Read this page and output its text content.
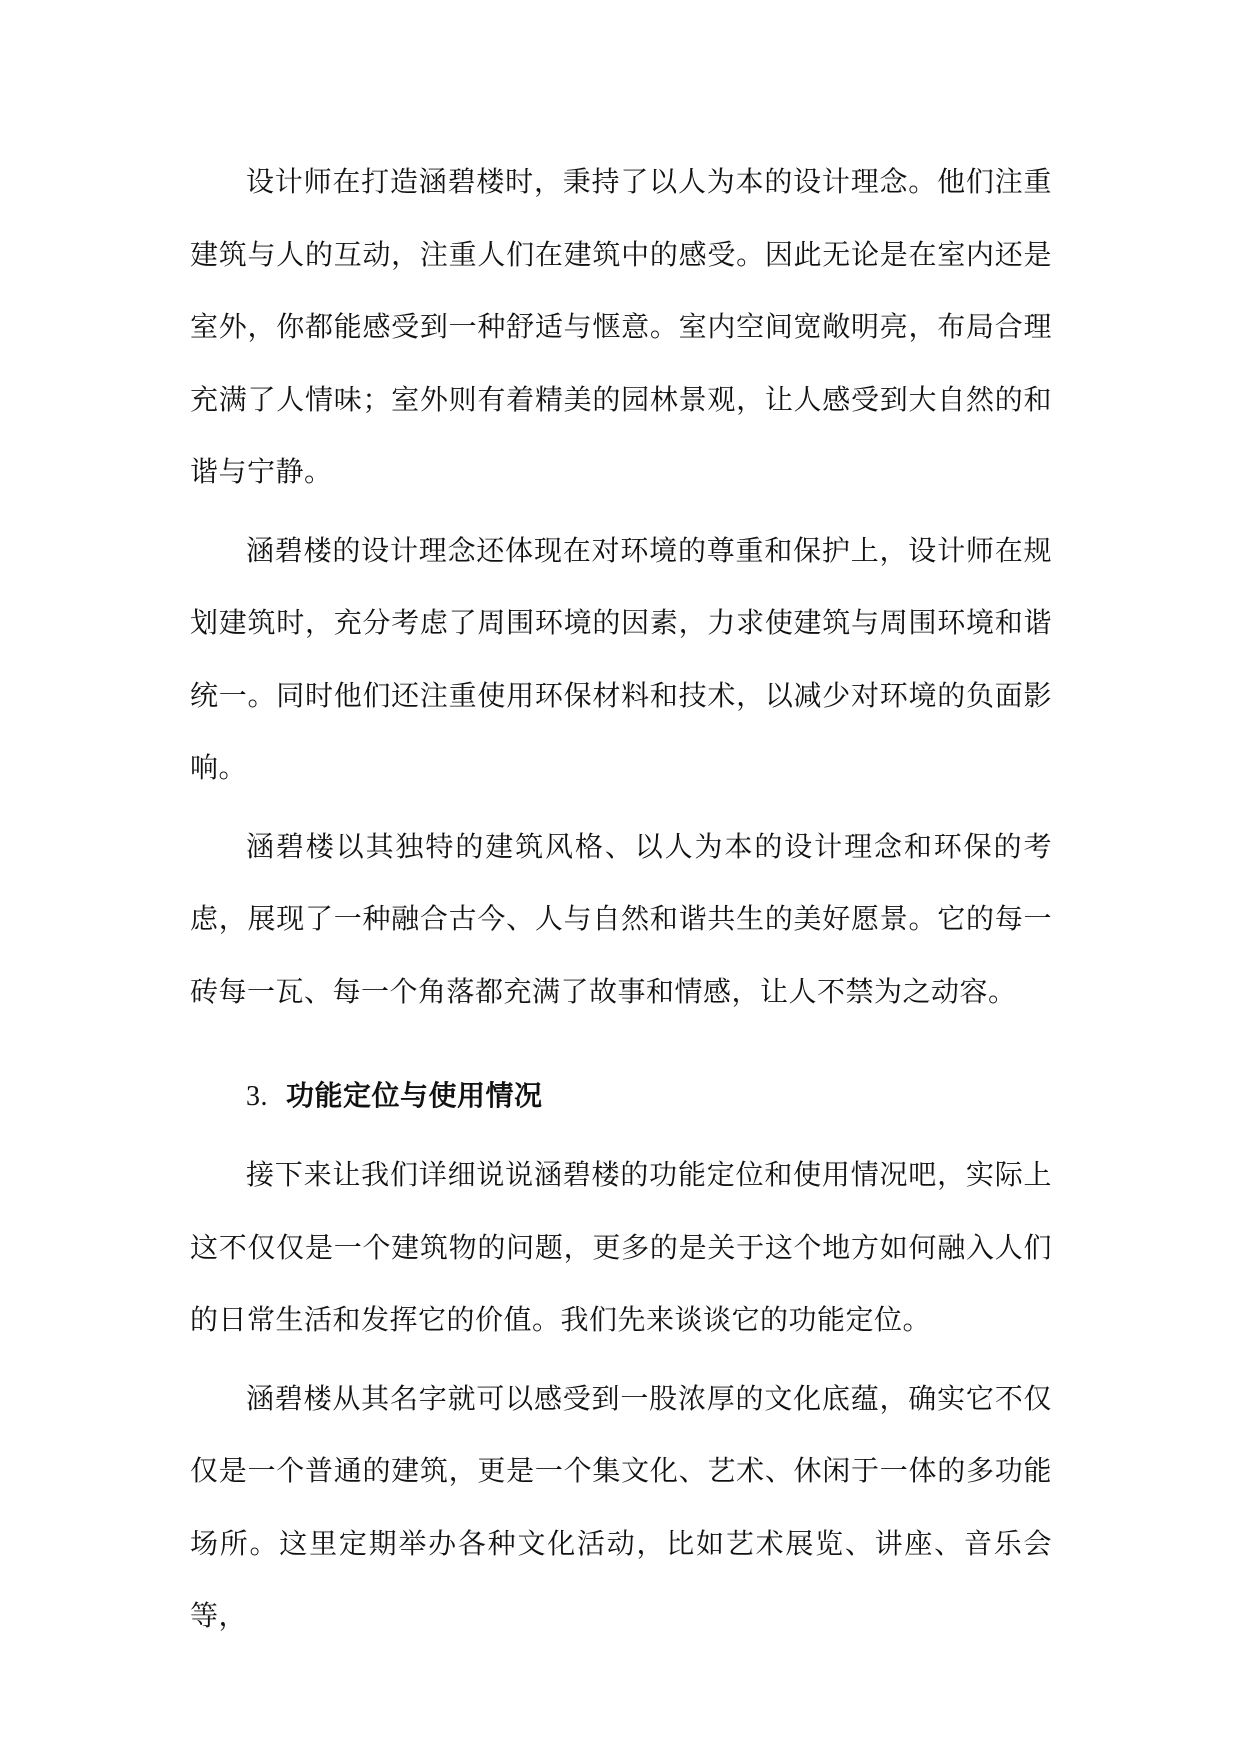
设计师在打造涵碧楼时，秉持了以人为本的设计理念。他们注重建筑与人的互动，注重人们在建筑中的感受。因此无论是在室内还是室外，你都能感受到一种舒适与惬意。室内空间宽敞明亮，布局合理充满了人情味；室外则有着精美的园林景观，让人感受到大自然的和谐与宁静。

涵碧楼的设计理念还体现在对环境的尊重和保护上，设计师在规划建筑时，充分考虑了周围环境的因素，力求使建筑与周围环境和谐统一。同时他们还注重使用环保材料和技术，以减少对环境的负面影响。

涵碧楼以其独特的建筑风格、以人为本的设计理念和环保的考虑，展现了一种融合古今、人与自然和谐共生的美好愿景。它的每一砖每一瓦、每一个角落都充满了故事和情感，让人不禁为之动容。

3. 功能定位与使用情况

接下来让我们详细说说涵碧楼的功能定位和使用情况吧，实际上这不仅仅是一个建筑物的问题，更多的是关于这个地方如何融入人们的日常生活和发挥它的价值。我们先来谈谈它的功能定位。

涵碧楼从其名字就可以感受到一股浓厚的文化底蕴，确实它不仅仅是一个普通的建筑，更是一个集文化、艺术、休闲于一体的多功能场所。这里定期举办各种文化活动，比如艺术展览、讲座、音乐会等，
